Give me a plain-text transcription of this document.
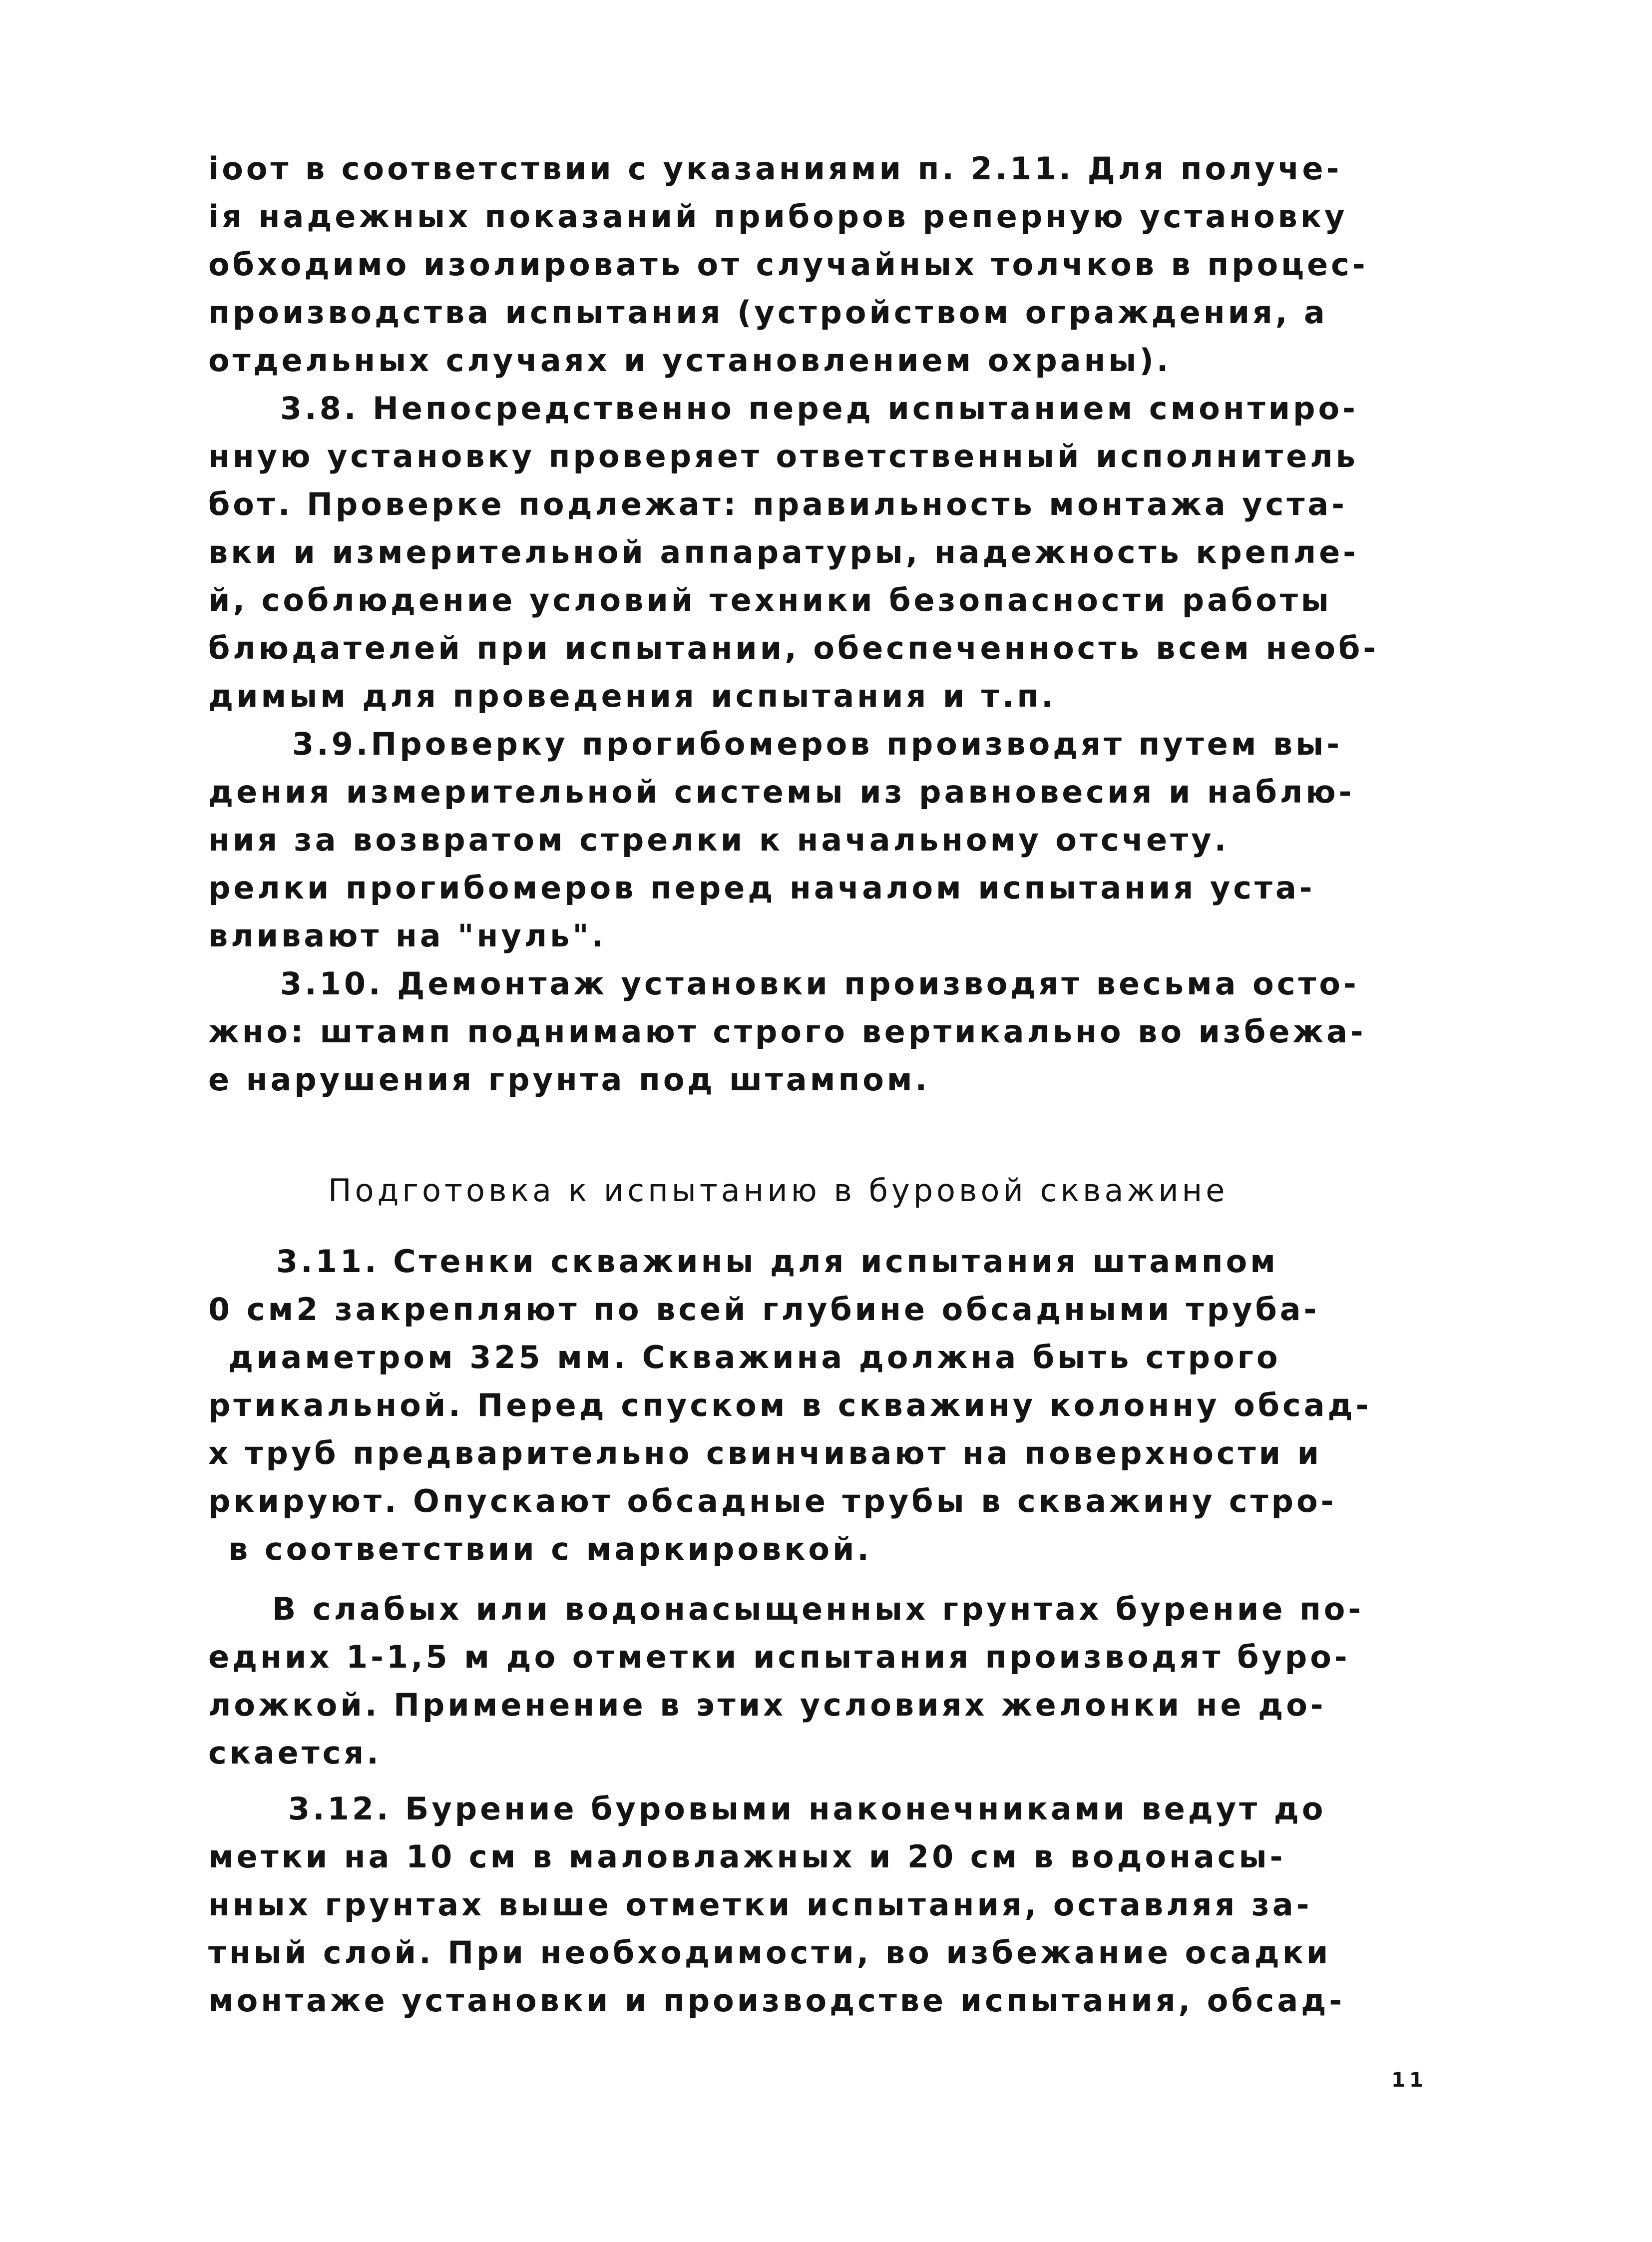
іоот в соответствии с указаниями п. 2.11. Для получе-
ія надежных показаний приборов реперную установку
обходимо изолировать от случайных толчков в процес-
производства испытания (устройством ограждения, а
отдельных случаях и установлением охраны).
3.8. Непосредственно перед испытанием смонтиро-
нную установку проверяет ответственный исполнитель
бот. Проверке подлежат: правильность монтажа уста-
вки и измерительной аппаратуры, надежность крепле-
й, соблюдение условий техники безопасности работы
блюдателей при испытании, обеспеченность всем необ-
димым для проведения испытания и т.п.
3.9.Проверку прогибомеров производят путем вы-
дения измерительной системы из равновесия и наблю-
ния за возвратом стрелки к начальному отсчету.
релки прогибомеров перед началом испытания уста-
вливают на "нуль".
3.10. Демонтаж установки производят весьма осто-
жно: штамп поднимают строго вертикально во избежа-
е нарушения грунта под штампом.
Подготовка к испытанию в буровой скважине
3.11. Стенки скважины для испытания штампом
0 см2 закрепляют по всей глубине обсадными труба-
диаметром 325 мм. Скважина должна быть строго
ртикальной. Перед спуском в скважину колонну обсад-
х труб предварительно свинчивают на поверхности и
ркируют. Опускают обсадные трубы в скважину стро-
в соответствии с маркировкой.
В слабых или водонасыщенных грунтах бурение по-
едних 1-1,5 м до отметки испытания производят буро-
ложкой. Применение в этих условиях желонки не до-
скается.
3.12. Бурение буровыми наконечниками ведут до
метки на 10 см в маловлажных и 20 см в водонасы-
нных грунтах выше отметки испытания, оставляя за-
тный слой. При необходимости, во избежание осадки
монтаже установки и производстве испытания, обсад-
11
